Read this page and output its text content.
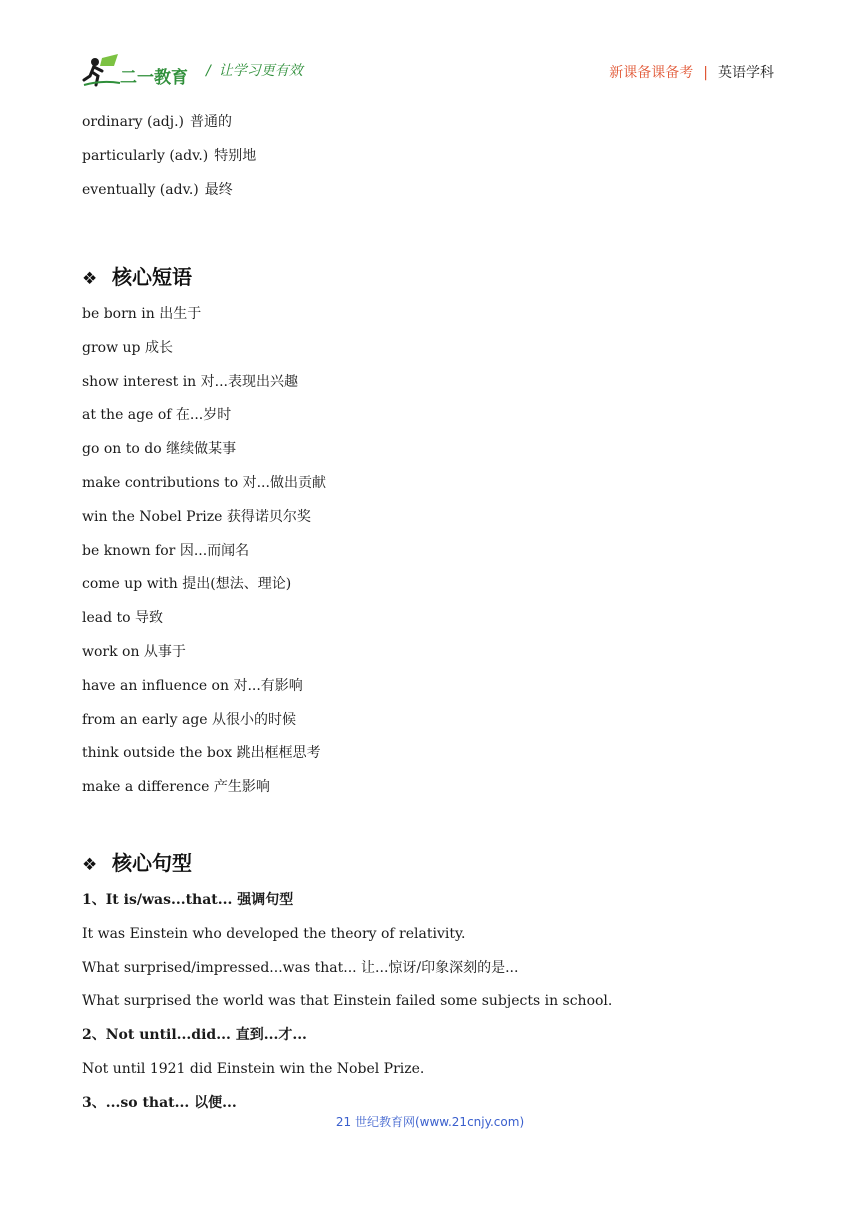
二一教育 / 让学习更有效	新课备课备考 | 英语学科
ordinary (adj.) 普通的
particularly (adv.) 特别地
eventually (adv.) 最终
❖ 核心短语
be born in 出生于
grow up 成长
show interest in 对...表现出兴趣
at the age of 在...岁时
go on to do 继续做某事
make contributions to 对...做出贡献
win the Nobel Prize 获得诺贝尔奖
be known for 因...而闻名
come up with 提出(想法、理论)
lead to 导致
work on 从事于
have an influence on 对...有影响
from an early age 从很小的时候
think outside the box 跳出框框思考
make a difference 产生影响
❖ 核心句型
1、It is/was...that... 强调句型
It was Einstein who developed the theory of relativity.
What surprised/impressed...was that... 让...惊讶/印象深刻的是...
What surprised the world was that Einstein failed some subjects in school.
2、Not until...did... 直到...才...
Not until 1921 did Einstein win the Nobel Prize.
3、...so that... 以便...
21 世纪教育网(www.21cnjy.com)
